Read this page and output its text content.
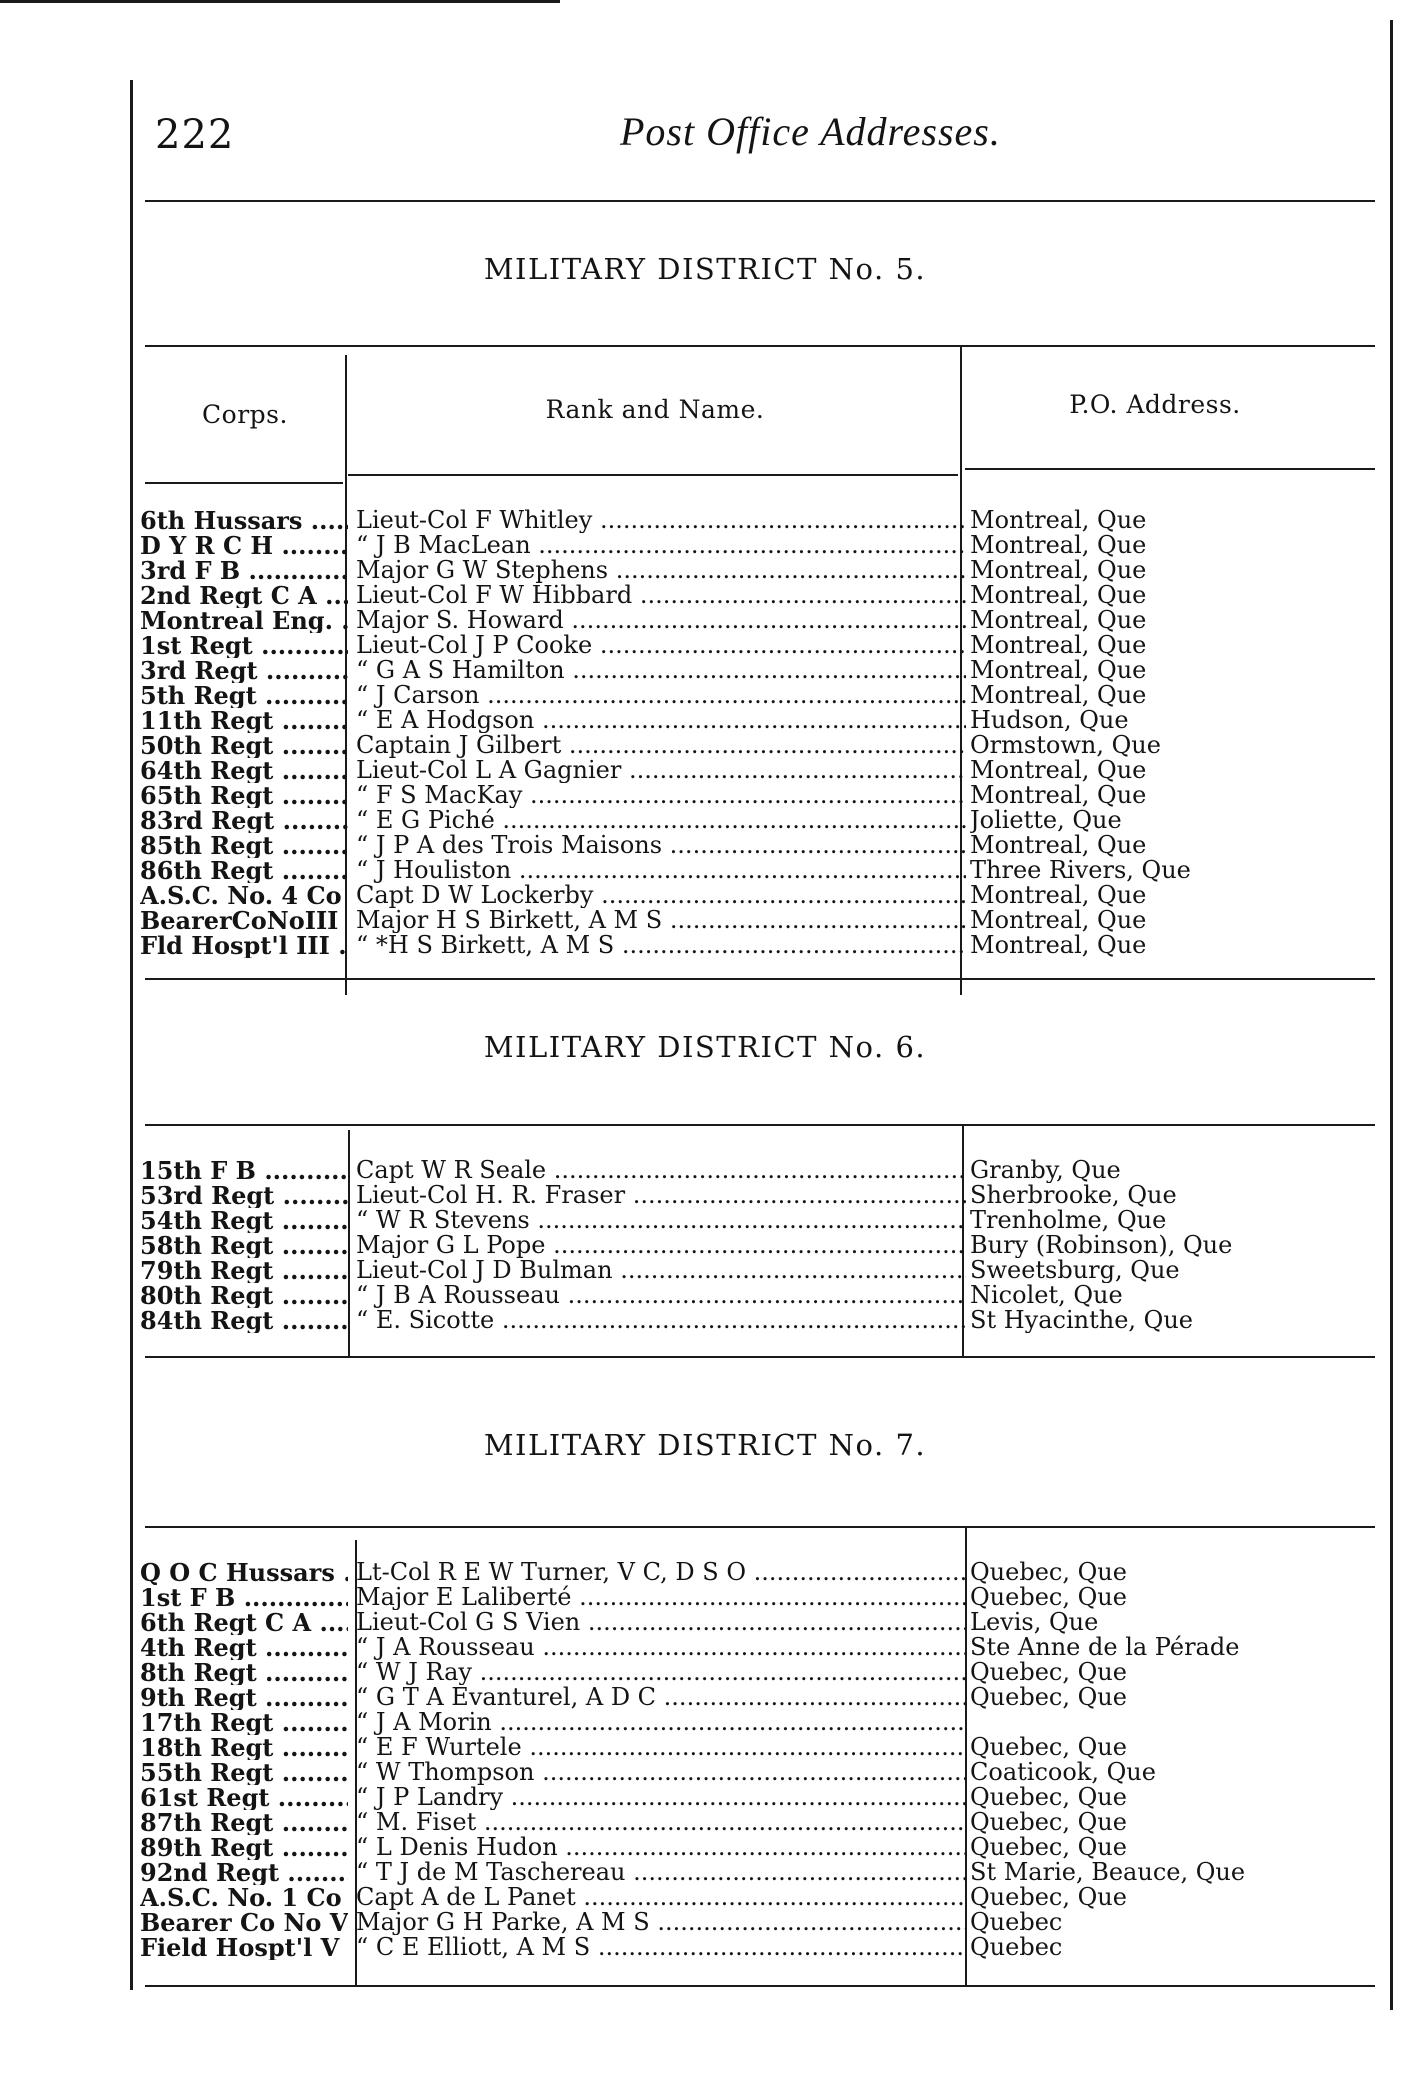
222	Post Office Addresses.
MILITARY DISTRICT No. 5.
Corps.	Rank and Name.	P.O. Address.
6th Hussars .....	Lieut-Col F Whitley .....	Montreal, Que
D Y R C H .....	“ J B MacLean .....	Montreal, Que
3rd F B .....	Major G W Stephens .....	Montreal, Que
2nd Regt C A .....	Lieut-Col F W Hibbard .....	Montreal, Que
Montreal Eng. ..... Major S. Howard .....	Montreal, Que
1st Regt .....	Lieut-Col J P Cooke .....	Montreal, Que
3rd Regt .....	“ G A S Hamilton .....	Montreal, Que
5th Regt .....	“ J Carson .....	Montreal, Que
11th Regt .....	“ E A Hodgson .....	Hudson, Que
50th Regt .....	Captain J Gilbert .....	Ormstown, Que
64th Regt .....	Lieut-Col L A Gagnier .....	Montreal, Que
65th Regt .....	“ F S MacKay .....	Montreal, Que
83rd Regt .....	“ E G Piché .....	Joliette, Que
85th Regt .....	“ J P A des Trois Maisons .....	Montreal, Que
86th Regt .....	“ J Houliston .....	Three Rivers, Que
A.S.C. No. 4 Co ..... Capt D W Lockerby .....	Montreal, Que
BearerCoNoIII ..... Major H S Birkett, A M S .....	Montreal, Que
Fld Hospt'l III .....	“ *H S Birkett, A M S .....	Montreal, Que
MILITARY DISTRICT No. 6.
15th F B .....	Capt W R Seale .....	Granby, Que
53rd Regt .....	Lieut-Col H. R. Fraser .....	Sherbrooke, Que
54th Regt .....	“ W R Stevens .....	Trenholme, Que
58th Regt .....	Major G L Pope .....	Bury (Robinson), Que
79th Regt .....	Lieut-Col J D Bulman .....	Sweetsburg, Que
80th Regt .....	“ J B A Rousseau .....	Nicolet, Que
84th Regt .....	“ E. Sicotte .....	St Hyacinthe, Que
MILITARY DISTRICT No. 7.
Q O C Hussars ..... Lt-Col R E W Turner, V C, D S O .....	Quebec, Que
1st F B .....	Major E Laliberté .....	Quebec, Que
6th Regt C A .....	Lieut-Col G S Vien .....	Levis, Que
4th Regt .....	“ J A Rousseau .....	Ste Anne de la Pérade
8th Regt .....	“ W J Ray .....	Quebec, Que
9th Regt .....	“ G T A Evanturel, A D C .....	Quebec, Que
17th Regt .....	“ J A Morin .....
18th Regt .....	“ E F Wurtele .....	Quebec, Que
55th Regt .....	“ W Thompson .....	Coaticook, Que
61st Regt .....	“ J P Landry .....	Quebec, Que
87th Regt .....	“ M. Fiset .....	Quebec, Que
89th Regt .....	“ L Denis Hudon .....	Quebec, Que
92nd Regt .....	“ T J de M Taschereau .....	St Marie, Beauce, Que
A.S.C. No. 1 Co ..... Capt A de L Panet .....	Quebec, Que
Bearer Co No V ..... Major G H Parke, A M S .....	Quebec
Field Hospt'l V ..... “ C E Elliott, A M S .....	Quebec
